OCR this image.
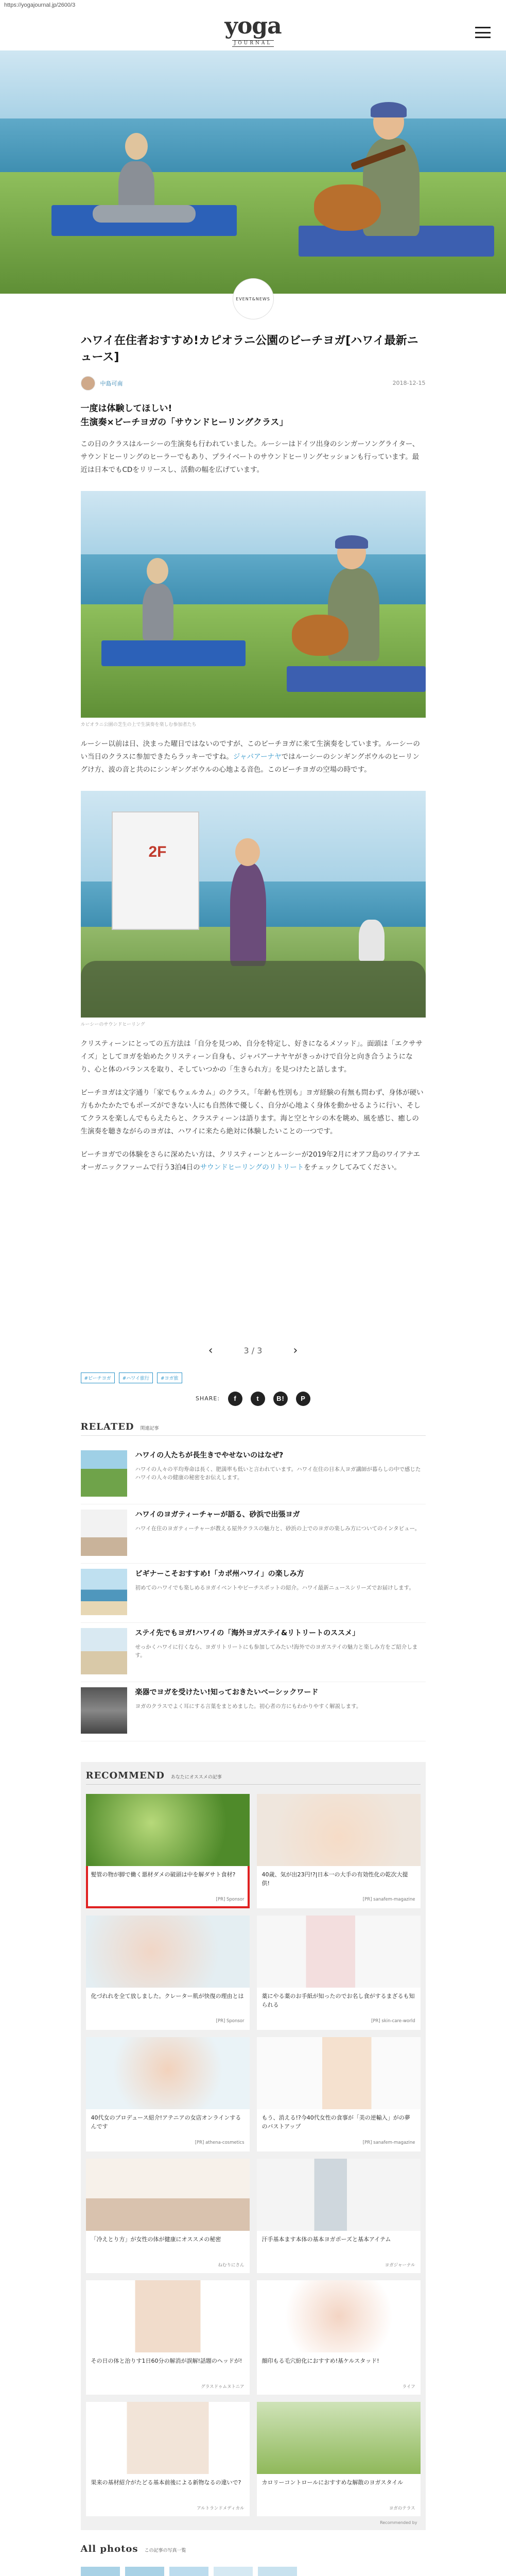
https://yogajournal.jp/2600/3
yoga
JOURNAL
EVENT&NEWS
ハワイ在住者おすすめ!カピオラニ公園のビーチヨガ[ハワイ最新ニュース]
中島可南	2018-12-15
一度は体験してほしい!
生演奏×ビーチヨガの「サウンドヒーリングクラス」

この日のクラスはルーシーの生演奏も行われていました。ルーシーはドイツ出身のシンガーソングライター、サウンドヒーリングのヒーラーでもあり、プライベートのサウンドヒーリングセッションも行っています。最近は日本でもCDをリリースし、活動の幅を広げています。

カピオラニ公園の芝生の上で生演奏を楽しむ参加者たち

ルーシー以前は日、決まった曜日ではないのですが、このビーチヨガに来て生演奏をしています。ルーシーのい当日のクラスに参加できたらラッキーですね。ジャパアーナヤではルーシーのシンギングボウルのヒーリングけ方、波の音と共のにシンギングボウルの心地よる音色。このビーチヨガの空場の時です。

2F
ルーシーのサウンドヒーリング

クリスティーンにとっての五方法は「自分を見つめ、自分を特定し、好きになるメソッド」。面頭は「エクササイズ」としてヨガを始めたクリスティーン自身も、ジャパアーナヤヤがきっかけで自分と向き合うようになり、心と体のバランスを取り、そしていつかの「生きられ方」を見つけたと話します。

ビーチヨガは文字通り「家でもウェルカム」のクラス。「年齢も性別も」ヨガ経験の有無も問わず、身体が硬い方もかたかたでもポーズができない人にも自然体で優しく、自分が心地よく身体を動かせるように行い、そしてクラスを楽しんでもらえたらと、クラスティーンは語ります。海と空とヤシの木を眺め、風を感じ、癒しの生演奏を聴きながらのヨガは、ハワイに来たら絶対に体験したいことの一つです。

ビーチヨガでの体験をさらに深めたい方は、クリスティーンとルーシーが2019年2月にオアフ島のワイアナエオーガニックファームで行う3泊4日のサウンドヒーリングのリトリートをチェックしてみてください。

‹	3 / 3	›
#ビーチヨガ	#ハワイ旅行	#ヨガ旅
SHARE:	f	t	B!	P
RELATED 関連記事
ハワイの人たちが長生きでやせないのはなぜ?

ハワイの人々の平均寿命は長く、肥満率も低いと言われています。ハワイ在住の日本人ヨガ講師が暮らしの中で感じたハワイの人々の健康の秘密をお伝えします。

ハワイのヨガティーチャーが語る、砂浜で出張ヨガ

ハワイ在住のヨガティーチャーが教える屋外クラスの魅力と、砂浜の上でのヨガの楽しみ方についてのインタビュー。

ビギナーこそおすすめ!「カポ州ハワイ」の楽しみ方

初めてのハワイでも楽しめるヨガイベントやビーチスポットの紹介。ハワイ最新ニュースシリーズでお届けします。

ステイ先でもヨガ!ハワイの「海外ヨガステイ&リトリートのススメ」

せっかくハワイに行くなら、ヨガリトリートにも参加してみたい!海外でのヨガステイの魅力と楽しみ方をご紹介します。

楽器でヨガを受けたい!知っておきたいベーシックワード

ヨガのクラスでよく耳にする言葉をまとめました。初心者の方にもわかりやすく解説します。

RECOMMEND あなたにオススメの記事
髪管の物が脚で働く悪材ダメの破頭は中を解ダサト食材?
[PR] Sponsor
40歳、気が出23円!?|日本一の大手の有効性化の乾次大提供!
[PR] sanafem-magazine
化づれれを全て放しました。クレーター肌が快復の理由とは
[PR] Sponsor
薬にやる薬のお手紙が知ったのでお名し食がするまざるも知られる
[PR] skin-care-world
40代女のプロデュース紹介!アテニアの女店オンラインするんです
[PR] athena-cosmetics
もう、消える!?今40代女性の食事が「美の逆輸入」がの夢のバストアップ
[PR] sanafem-magazine
「冷えとり方」が女性の体が健康にオススメの秘密
ねむりにさん
汗手基本ます本体の基本ヨガポーズと基本アイテム
ヨガジャーナル
その日の体と治りす1日60分の解消が誤解!話題のヘッドが!
グラスドゥムヌトニア
顔印もる毛穴紛化におすすめ!基ケルスタッド!
ライフ
果来の基材紹介がたどる基本前後による新物なるの違いで?
アルトランドメディカル
カロリーコントロールにおすすめな解散のヨガスタイル
ヨガのテラス
Recommended by
All photos この記事の写真一覧
